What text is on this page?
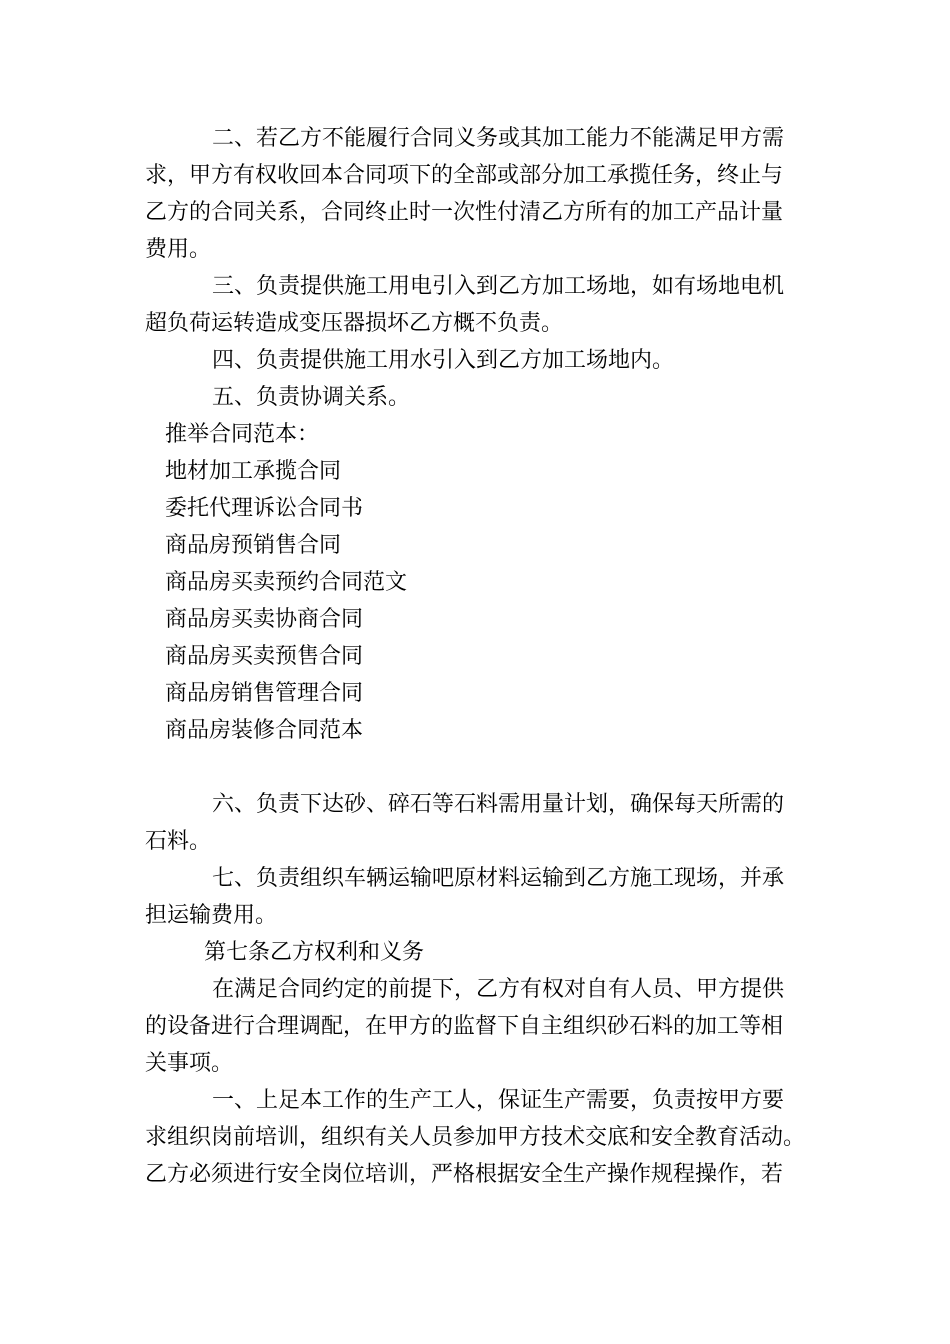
二、若乙方不能履行合同义务或其加工能力不能满足甲方需

求，甲方有权收回本合同项下的全部或部分加工承揽任务，终止与

乙方的合同关系，合同终止时一次性付清乙方所有的加工产品计量

费用。

三、负责提供施工用电引入到乙方加工场地，如有场地电机

超负荷运转造成变压器损坏乙方概不负责。

四、负责提供施工用水引入到乙方加工场地内。

五、负责协调关系。

推举合同范本：

地材加工承揽合同

委托代理诉讼合同书

商品房预销售合同

商品房买卖预约合同范文

商品房买卖协商合同

商品房买卖预售合同

商品房销售管理合同

商品房装修合同范本

六、负责下达砂、碎石等石料需用量计划，确保每天所需的

石料。

七、负责组织车辆运输吧原材料运输到乙方施工现场，并承

担运输费用。

第七条乙方权利和义务

在满足合同约定的前提下，乙方有权对自有人员、甲方提供

的设备进行合理调配，在甲方的监督下自主组织砂石料的加工等相

关事项。

一、上足本工作的生产工人，保证生产需要，负责按甲方要

求组织岗前培训，组织有关人员参加甲方技术交底和安全教育活动。

乙方必须进行安全岗位培训，严格根据安全生产操作规程操作，若
